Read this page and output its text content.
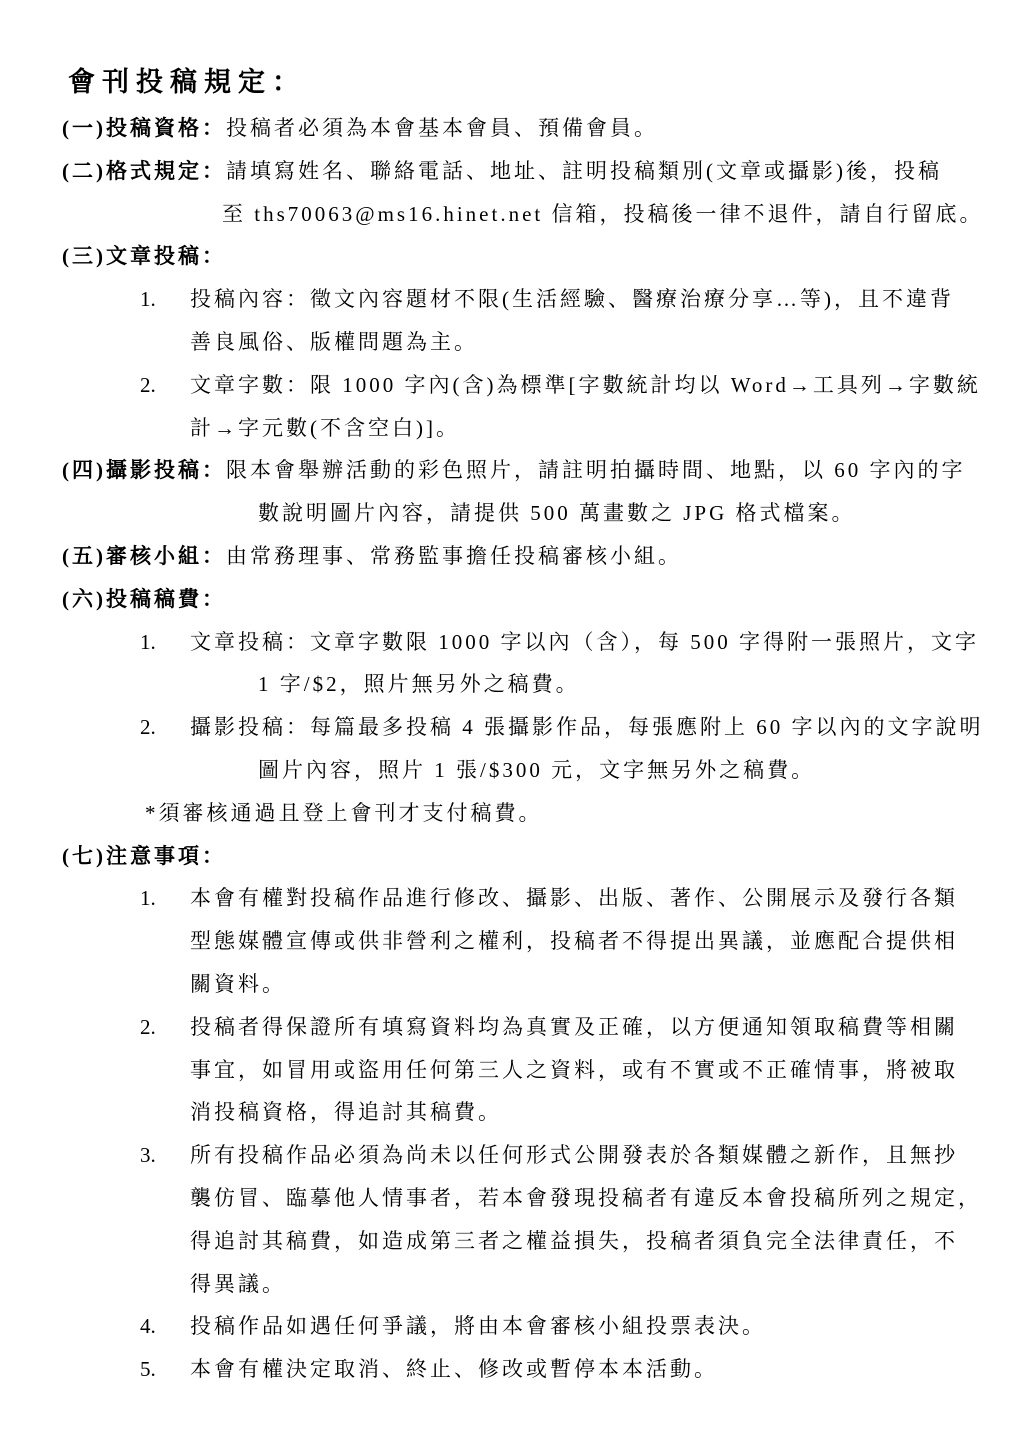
會刊投稿規定：
(一)投稿資格：投稿者必須為本會基本會員、預備會員。
(二)格式規定：請填寫姓名、聯絡電話、地址、註明投稿類別(文章或攝影)後，投稿
至 ths70063@ms16.hinet.net 信箱，投稿後一律不退件，請自行留底。
(三)文章投稿：
1. 投稿內容：徵文內容題材不限(生活經驗、醫療治療分享…等)，且不違背
善良風俗、版權問題為主。
2. 文章字數：限 1000 字內(含)為標準[字數統計均以 Word→工具列→字數統
計→字元數(不含空白)]。
(四)攝影投稿：限本會舉辦活動的彩色照片，請註明拍攝時間、地點，以 60 字內的字
數說明圖片內容，請提供 500 萬畫數之 JPG 格式檔案。
(五)審核小組：由常務理事、常務監事擔任投稿審核小組。
(六)投稿稿費：
1. 文章投稿：文章字數限 1000 字以內（含），每 500 字得附一張照片，文字
1 字/$2，照片無另外之稿費。
2. 攝影投稿：每篇最多投稿 4 張攝影作品，每張應附上 60 字以內的文字說明
圖片內容，照片 1 張/$300 元，文字無另外之稿費。
*須審核通過且登上會刊才支付稿費。
(七)注意事項：
1. 本會有權對投稿作品進行修改、攝影、出版、著作、公開展示及發行各類
型態媒體宣傳或供非營利之權利，投稿者不得提出異議，並應配合提供相
關資料。
2. 投稿者得保證所有填寫資料均為真實及正確，以方便通知領取稿費等相關
事宜，如冒用或盜用任何第三人之資料，或有不實或不正確情事，將被取
消投稿資格，得追討其稿費。
3. 所有投稿作品必須為尚未以任何形式公開發表於各類媒體之新作，且無抄
襲仿冒、臨摹他人情事者，若本會發現投稿者有違反本會投稿所列之規定，
得追討其稿費，如造成第三者之權益損失，投稿者須負完全法律責任，不
得異議。
4. 投稿作品如遇任何爭議，將由本會審核小組投票表決。
5. 本會有權決定取消、終止、修改或暫停本本活動。
